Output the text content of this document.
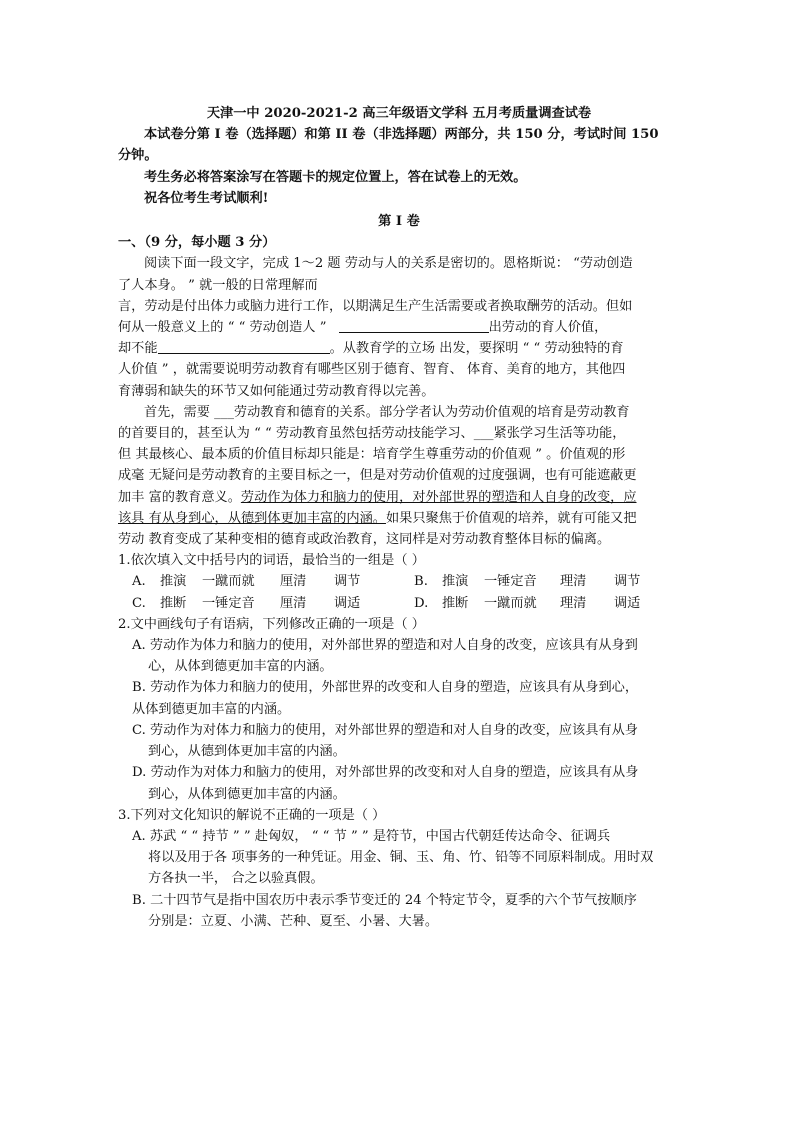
天津一中 2020-2021-2 高三年级语文学科 五月考质量调查试卷
本试卷分第 I 卷（选择题）和第 II 卷（非选择题）两部分，共 150 分，考试时间 150
分钟。
考生务必将答案涂写在答题卡的规定位置上，答在试卷上的无效。
祝各位考生考试顺利!
第 I 卷
一、（9 分，每小题 3 分）
阅读下面一段文字，完成 1～2 题 劳动与人的关系是密切的。恩格斯说： “劳动创造
了人本身。 ” 就一般的日常理解而
言，劳动是付出体力或脑力进行工作，以期满足生产生活需要或者换取酬劳的活动。但如
何从一般意义上的 “ “ 劳动创造人 ”	出劳动的育人价值，
却不能	。从教育学的立场 出发，要探明 “ “ 劳动独特的育
人价值 ” ，就需要说明劳动教育有哪些区别于德育、智育、 体育、美育的地方，其他四
育薄弱和缺失的环节又如何能通过劳动教育得以完善。
首先，需要 ___劳动教育和德育的关系。部分学者认为劳动价值观的培育是劳动教育
的首要目的，甚至认为 “ “ 劳动教育虽然包括劳动技能学习、___紧张学习生活等功能，
但 其最核心、最本质的价值目标却只能是：培育学生尊重劳动的价值观 ” 。价值观的形
成毫 无疑问是劳动教育的主要目标之一，但是对劳动价值观的过度强调，也有可能遮蔽更
加丰 富的教育意义。劳动作为体力和脑力的使用，对外部世界的塑造和人自身的改变，应
该具 有从身到心，从德到体更加丰富的内涵。如果只聚焦于价值观的培养，就有可能又把
劳动 教育变成了某种变相的德育或政治教育，这同样是对劳动教育整体目标的偏离。
1.依次填入文中括号内的词语，最恰当的一组是（ ）
A. 推演 一蹴而就 厘清 调节	B. 推演 一锤定音 理清 调节
C. 推断 一锤定音 厘清 调适	D. 推断 一蹴而就 理清 调适
2.文中画线句子有语病，下列修改正确的一项是（ ）
A. 劳动作为体力和脑力的使用，对外部世界的塑造和对人自身的改变，应该具有从身到
心，从体到德更加丰富的内涵。
B. 劳动作为体力和脑力的使用，外部世界的改变和人自身的塑造，应该具有从身到心，
从体到德更加丰富的内涵。
C. 劳动作为对体力和脑力的使用，对外部世界的塑造和对人自身的改变，应该具有从身
到心，从德到体更加丰富的内涵。
D. 劳动作为对体力和脑力的使用，对外部世界的改变和对人自身的塑造，应该具有从身
到心，从体到德更加丰富的内涵。
3.下列对文化知识的解说不正确的一项是（ ）
A. 苏武 “ “ 持节 ” ” 赴匈奴， “ “ 节 ” ” 是符节，中国古代朝廷传达命令、征调兵
将以及用于各 项事务的一种凭证。用金、铜、玉、角、竹、铅等不同原料制成。用时双
方各执一半， 合之以验真假。
B. 二十四节气是指中国农历中表示季节变迁的 24 个特定节令，夏季的六个节气按顺序
分别是：立夏、小满、芒种、夏至、小暑、大暑。
